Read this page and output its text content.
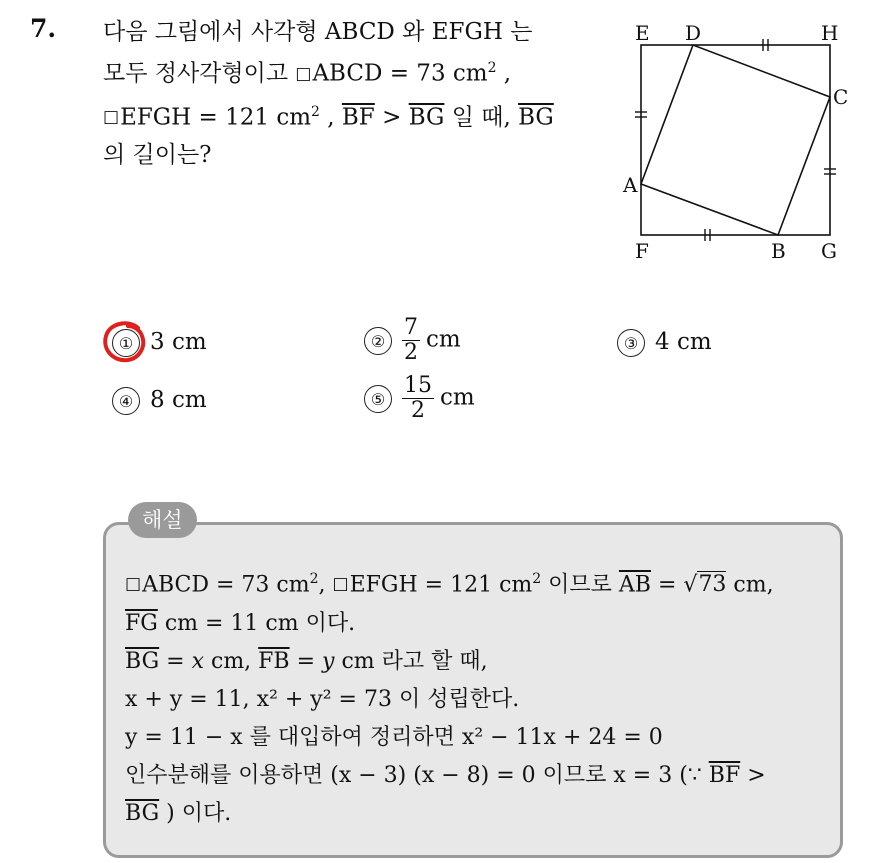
7. 다음 그림에서 사각형 ABCD 와 EFGH 는
모두 정사각형이고 □ABCD = 73 $cm^2$ ,
□EFGH = 121 $cm^2$ , $\overline{BF} > \overline{BG}$ 일 때, $\overline{BG}$
의 길이는?
E D	H
C
A
F	B G
① 3 cm	② $\frac{7}{2}$ cm	③ 4 cm
④ 8 cm	⑤ $\frac{15}{2}$ cm
해설
□ABCD = 73 $cm^2$, □EFGH = 121 $cm^2$ 이므로 $\overline{AB} = √73$ cm,
$\overline{FG}$ cm = 11 cm 이다.
$\overline{BG} = x$ cm, $\overline{FB} = y$ cm 라고 할 때,
x + y = 11, x² + y² = 73 이 성립한다.
y = 11 − x 를 대입하여 정리하면 x² − 11x + 24 = 0
인수분해를 이용하면 (x − 3) (x − 8) = 0 이므로 x = 3 (∵ $\overline{BF}$ >
$\overline{BG}$ ) 이다.
